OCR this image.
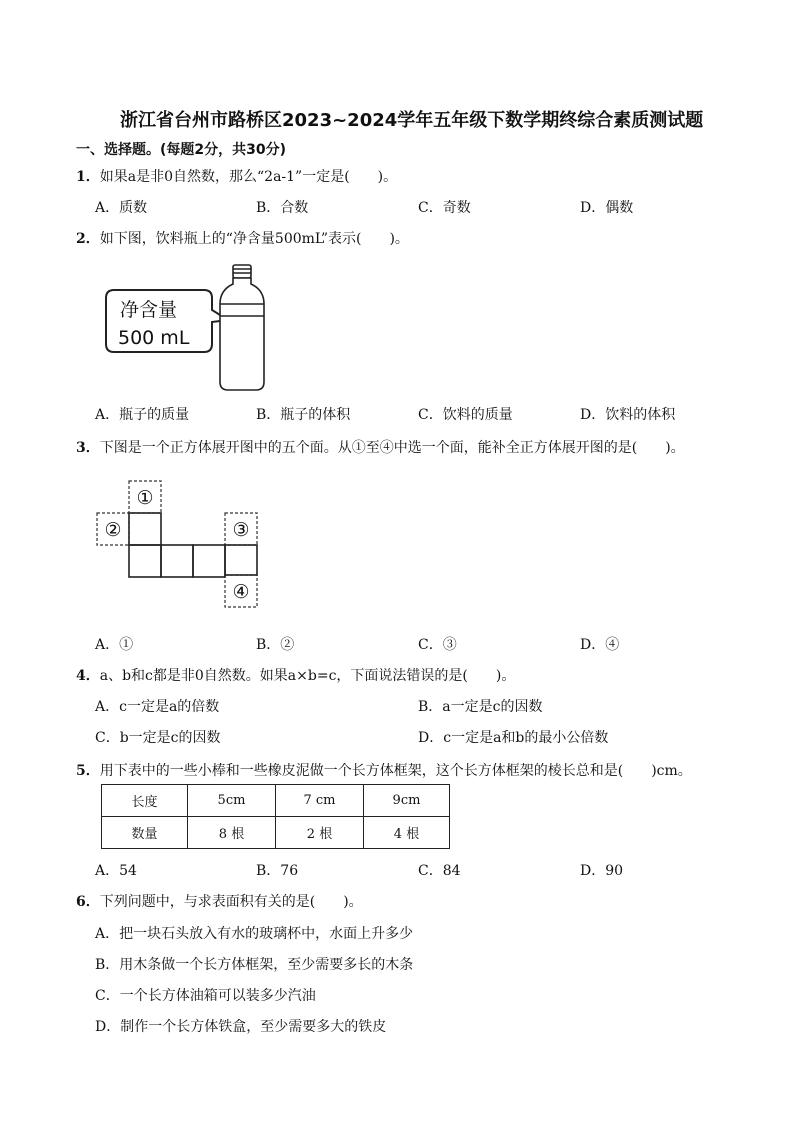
浙江省台州市路桥区2023~2024学年五年级下数学期终综合素质测试题
一、选择题。(每题2分，共30分)
1．如果a是非0自然数，那么“2a-1”一定是(　　)。
A．质数	B．合数	C．奇数	D．偶数
2．如下图，饮料瓶上的“净含量500mL”表示(　　)。
净含量
500 mL
A．瓶子的质量	B．瓶子的体积	C．饮料的质量	D．饮料的体积
3．下图是一个正方体展开图中的五个面。从①至④中选一个面，能补全正方体展开图的是(　　)。
①
②	③
④
A．①	B．②	C．③	D．④
4．a、b和c都是非0自然数。如果a×b=c，下面说法错误的是(　　)。
A．c一定是a的倍数	B．a一定是c的因数
C．b一定是c的因数	D．c一定是a和b的最小公倍数
5．用下表中的一些小棒和一些橡皮泥做一个长方体框架，这个长方体框架的棱长总和是(　　)cm。
长度	5cm	7 cm	9cm
数量	8 根	2 根	4 根
A．54	B．76	C．84	D．90
6．下列问题中，与求表面积有关的是(　　)。
A．把一块石头放入有水的玻璃杯中，水面上升多少
B．用木条做一个长方体框架，至少需要多长的木条
C．一个长方体油箱可以装多少汽油
D．制作一个长方体铁盒，至少需要多大的铁皮
